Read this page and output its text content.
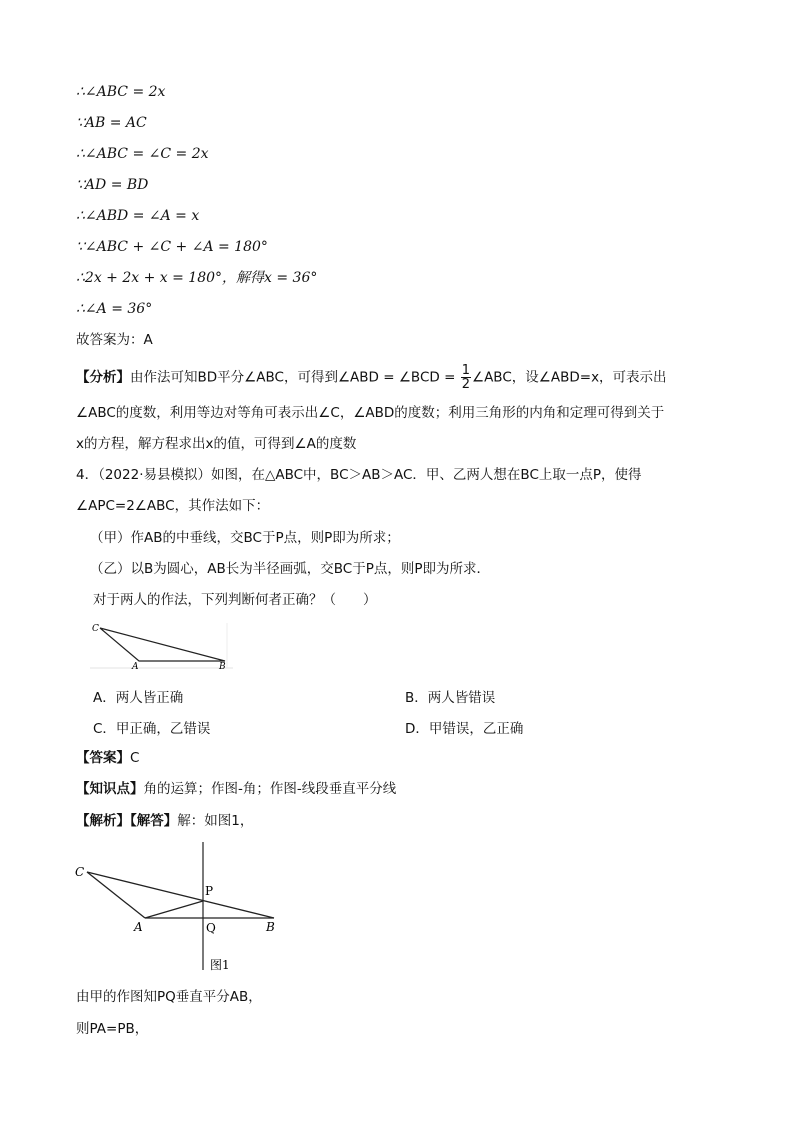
∴∠ABC = 2x
∵AB = AC
∴∠ABC = ∠C = 2x
∵AD = BD
∴∠ABD = ∠A = x
∵∠ABC + ∠C + ∠A = 180°
∴2x + 2x + x = 180°，解得x = 36°
∴∠A = 36°
故答案为：A
【分析】由作法可知BD平分∠ABC，可得到∠ABD = ∠BCD = $\frac{1}{2}$ ∠ABC，设∠ABD=x，可表示出
∠ABC的度数，利用等边对等角可表示出∠C，∠ABD的度数；利用三角形的内角和定理可得到关于
x的方程，解方程求出x的值，可得到∠A的度数
4．（2022·易县模拟）如图，在△ABC中，BC＞AB＞AC．甲、乙两人想在BC上取一点P，使得
∠APC=2∠ABC，其作法如下：
（甲）作AB的中垂线，交BC于P点，则P即为所求；
（乙）以B为圆心，AB长为半径画弧，交BC于P点，则P即为所求．
对于两人的作法，下列判断何者正确？（　　）
C
A	B
A．两人皆正确	B．两人皆错误
C．甲正确，乙错误	D．甲错误，乙正确
【答案】C
【知识点】角的运算；作图-角；作图-线段垂直平分线
【解析】【解答】解：如图1，
C
P
A	Q	B
图1
由甲的作图知PQ垂直平分AB，
则PA=PB，
